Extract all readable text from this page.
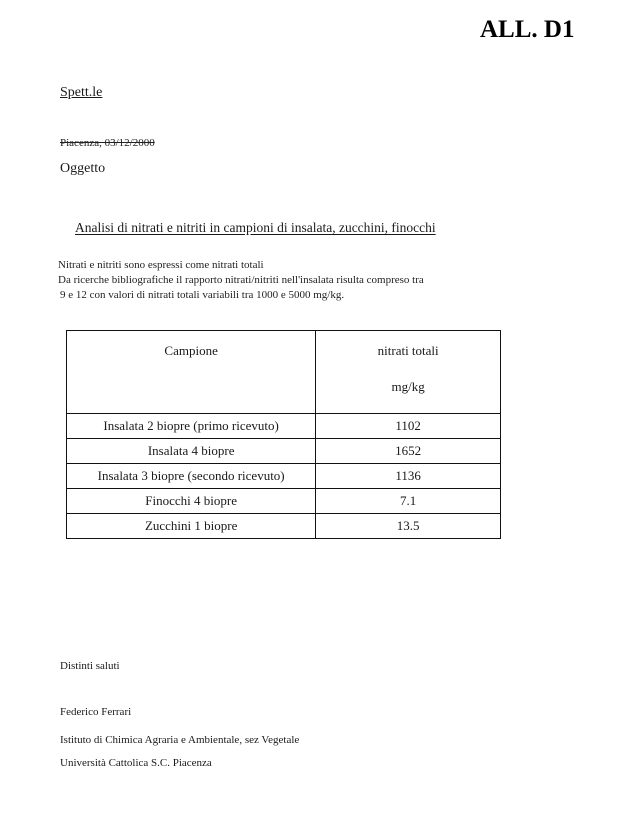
ALL. D1
Spett.le
Piacenza, 03/12/2000
Oggetto
Analisi di nitrati e nitriti in campioni di insalata, zucchini, finocchi
Nitrati e nitriti sono espressi come nitrati totali
Da ricerche bibliografiche il rapporto nitrati/nitriti nell'insalata risulta compreso tra
9 e 12 con valori di nitrati totali variabili tra 1000 e 5000 mg/kg.
Campione	nitrati totali
mg/kg

Insalata 2 biopre (primo ricevuto)	1102
Insalata 4 biopre	1652
Insalata 3 biopre (secondo ricevuto)	1136
Finocchi 4 biopre	7.1
Zucchini 1 biopre	13.5
Distinti saluti
Federico Ferrari
Istituto di Chimica Agraria e Ambientale, sez Vegetale
Università Cattolica S.C. Piacenza
